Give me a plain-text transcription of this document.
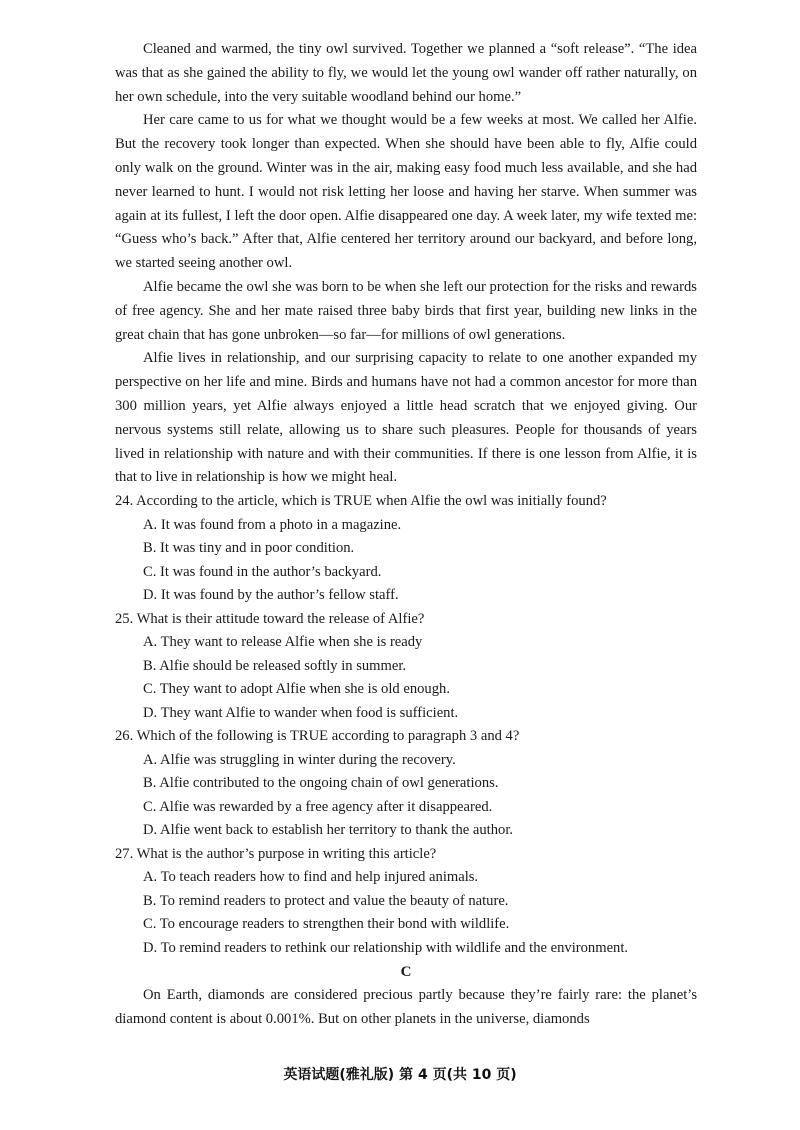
Cleaned and warmed, the tiny owl survived. Together we planned a “soft release”. “The idea was that as she gained the ability to fly, we would let the young owl wander off rather naturally, on her own schedule, into the very suitable woodland behind our home.”

Her care came to us for what we thought would be a few weeks at most. We called her Alfie. But the recovery took longer than expected. When she should have been able to fly, Alfie could only walk on the ground. Winter was in the air, making easy food much less available, and she had never learned to hunt. I would not risk letting her loose and having her starve. When summer was again at its fullest, I left the door open. Alfie disappeared one day. A week later, my wife texted me: “Guess who’s back.” After that, Alfie centered her territory around our backyard, and before long, we started seeing another owl.

Alfie became the owl she was born to be when she left our protection for the risks and rewards of free agency. She and her mate raised three baby birds that first year, building new links in the great chain that has gone unbroken—so far—for millions of owl generations.

Alfie lives in relationship, and our surprising capacity to relate to one another expanded my perspective on her life and mine. Birds and humans have not had a common ancestor for more than 300 million years, yet Alfie always enjoyed a little head scratch that we enjoyed giving. Our nervous systems still relate, allowing us to share such pleasures. People for thousands of years lived in relationship with nature and with their communities. If there is one lesson from Alfie, it is that to live in relationship is how we might heal.

24. According to the article, which is TRUE when Alfie the owl was initially found?

A. It was found from a photo in a magazine.

B. It was tiny and in poor condition.

C. It was found in the author’s backyard.

D. It was found by the author’s fellow staff.

25. What is their attitude toward the release of Alfie?

A. They want to release Alfie when she is ready

B. Alfie should be released softly in summer.

C. They want to adopt Alfie when she is old enough.

D. They want Alfie to wander when food is sufficient.

26. Which of the following is TRUE according to paragraph 3 and 4?

A. Alfie was struggling in winter during the recovery.

B. Alfie contributed to the ongoing chain of owl generations.

C. Alfie was rewarded by a free agency after it disappeared.

D. Alfie went back to establish her territory to thank the author.

27. What is the author’s purpose in writing this article?

A. To teach readers how to find and help injured animals.

B. To remind readers to protect and value the beauty of nature.

C. To encourage readers to strengthen their bond with wildlife.

D. To remind readers to rethink our relationship with wildlife and the environment.

C

On Earth, diamonds are considered precious partly because they’re fairly rare: the planet’s diamond content is about 0.001%. But on other planets in the universe, diamonds

英语试题(雅礼版) 第 4 页(共 10 页)
